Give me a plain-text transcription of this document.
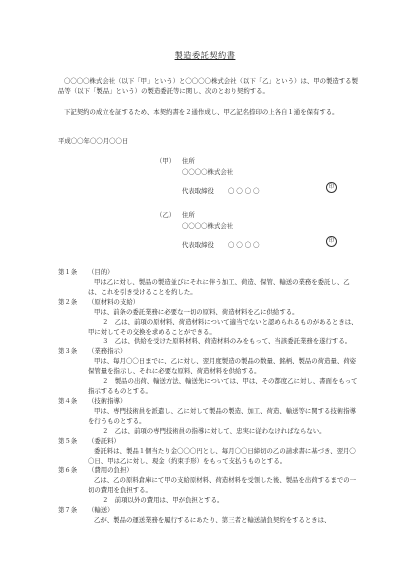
製造委託契約書
〇〇〇〇株式会社（以下「甲」という）と〇〇〇〇株式会社（以下「乙」という）は、甲の製造する製品等（以下「製品」という）の製造委託等に関し、次のとおり契約する。
下記契約の成立を証するため、本契約書を２通作成し、甲乙記名捺印の上各自１通を保有する。
平成〇〇年〇〇月〇〇日
（甲）	住所
〇〇〇〇株式会社
代表取締役 〇〇〇〇
印
（乙）	住所
〇〇〇〇株式会社
代表取締役 〇〇〇〇
印
第１条	（目的）

甲は乙に対し、製品の製造並びにそれに伴う加工、荷造、保管、輸送の業務を委託し、乙は、これを引き受けることを約した。

第２条	（原材料の支給）

甲は、前条の委託業務に必要な一切の原料、荷造材料を乙に供給する。

２　乙は、前項の原材料、荷造材料について適当でないと認められるものがあるときは、甲に対してその交換を求めることができる。

３　乙は、供給を受けた原料材料、荷造材料のみをもって、当該委託業務を遂行する。

第３条	（業務指示）

甲は、毎月〇〇日までに、乙に対し、翌月度製造の製品の数量、銘柄、製品の荷造量、荷姿保管量を指示し、それに必要な原料、荷造材料を供給する。

２　製品の出荷、輸送方法、輸送先については、甲は、その都度乙に対し、書面をもって指示するものとする。

第４条	（技術指導）

甲は、専門技術員を派遣し、乙に対して製品の製造、加工、荷造、輸送等に関する技術指導を行うものとする。

２　乙は、前項の専門技術員の指導に対して、忠実に従わなければならない。

第５条	（委託料）

委託料は、製品１個当たり金〇〇〇円とし、毎月〇〇日締切の乙の請求書に基づき、翌月〇〇日、甲は乙に対し、現金（約束手形）をもって支払うものとする。

第６条	（費用の負担）

乙は、乙の原料倉庫にて甲の支給原材料、荷造材料を受領した後、製品を出荷するまでの一切の費用を負担する。

２　前項以外の費用は、甲が負担とする。

第７条	（輸送）

乙が、製品の運送業務を履行するにあたり、第三者と輸送請負契約をするときは、
